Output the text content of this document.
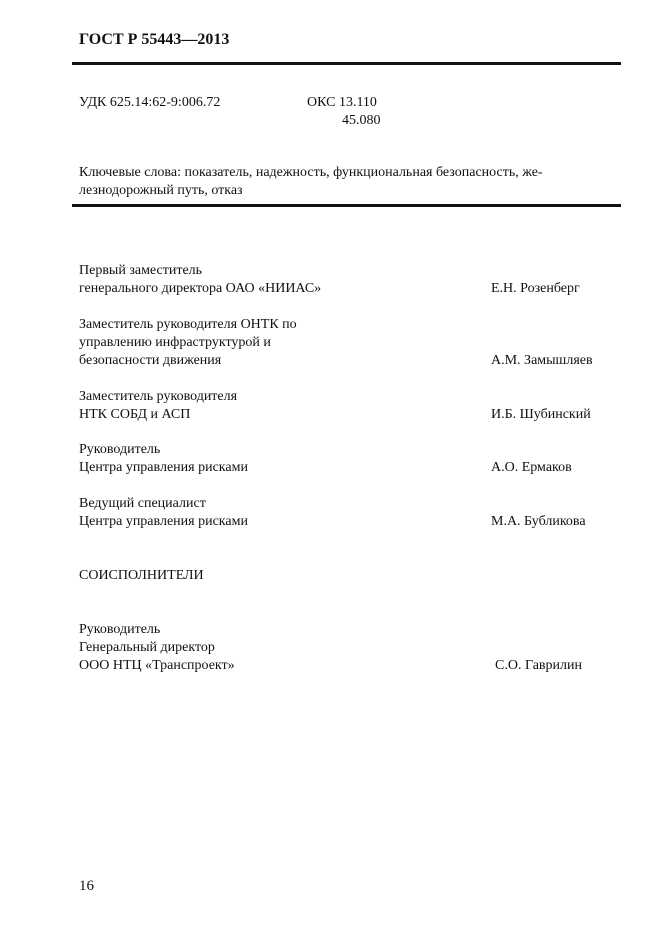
ГОСТ Р 55443—2013
УДК 625.14:62-9:006.72	ОКС 13.110
45.080
Ключевые слова: показатель, надежность, функциональная безопасность, же-
лезнодорожный путь, отказ
Первый заместитель
генерального директора ОАО «НИИАС»	Е.Н. Розенберг
Заместитель руководителя ОНТК по
управлению инфраструктурой и
безопасности движения	А.М. Замышляев
Заместитель руководителя
НТК СОБД и АСП	И.Б. Шубинский
Руководитель
Центра управления рисками	А.О. Ермаков
Ведущий специалист
Центра управления рисками	М.А. Бубликова
СОИСПОЛНИТЕЛИ
Руководитель
Генеральный директор
ООО НТЦ «Транспроект»	С.О. Гаврилин
16
